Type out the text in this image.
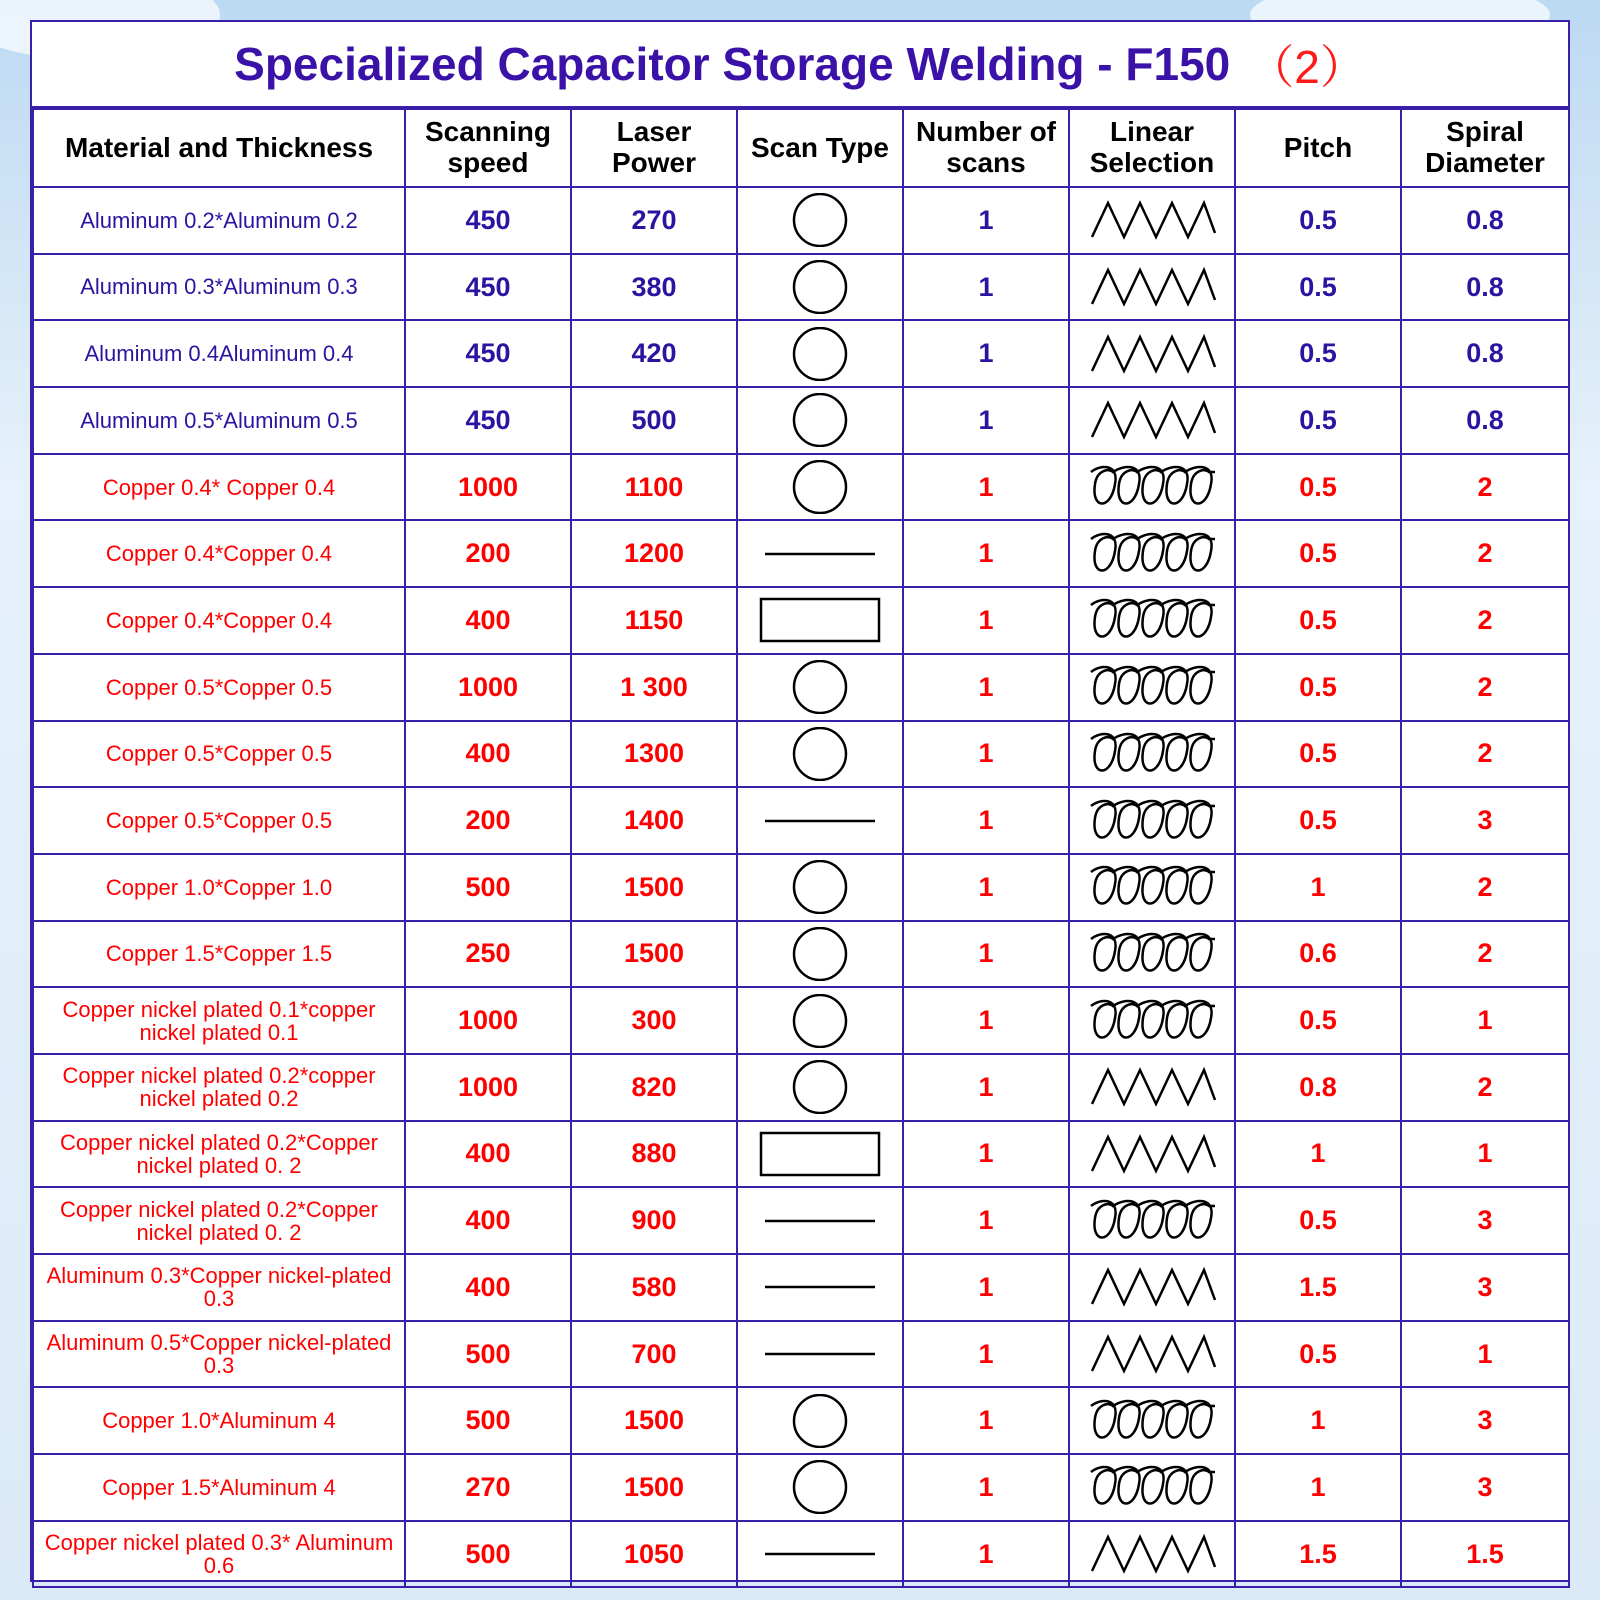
Specialized Capacitor Storage Welding - F150 （2）
Material and Thickness	Scanning speed	Laser Power	Scan Type	Number of scans	Linear Selection	Pitch	Spiral Diameter
Aluminum 0.2*Aluminum 0.2	450	270		1		0.5	0.8
Aluminum 0.3*Aluminum 0.3	450	380		1		0.5	0.8
Aluminum 0.4Aluminum 0.4	450	420		1		0.5	0.8
Aluminum 0.5*Aluminum 0.5	450	500		1		0.5	0.8
Copper 0.4* Copper 0.4	1000	1100		1		0.5	2
Copper 0.4*Copper 0.4	200	1200		1		0.5	2
Copper 0.4*Copper 0.4	400	1150		1		0.5	2
Copper 0.5*Copper 0.5	1000	1 300		1		0.5	2
Copper 0.5*Copper 0.5	400	1300		1		0.5	2
Copper 0.5*Copper 0.5	200	1400		1		0.5	3
Copper 1.0*Copper 1.0	500	1500		1		1	2
Copper 1.5*Copper 1.5	250	1500		1		0.6	2
Copper nickel plated 0.1*copper nickel plated 0.1	1000	300		1		0.5	1
Copper nickel plated 0.2*copper nickel plated 0.2	1000	820		1		0.8	2
Copper nickel plated 0.2*Copper nickel plated 0. 2	400	880		1		1	1
Copper nickel plated 0.2*Copper nickel plated 0. 2	400	900		1		0.5	3
Aluminum 0.3*Copper nickel-plated 0.3	400	580		1		1.5	3
Aluminum 0.5*Copper nickel-plated 0.3	500	700		1		0.5	1
Copper 1.0*Aluminum 4	500	1500		1		1	3
Copper 1.5*Aluminum 4	270	1500		1		1	3
Copper nickel plated 0.3* Aluminum 0.6	500	1050		1		1.5	1.5
